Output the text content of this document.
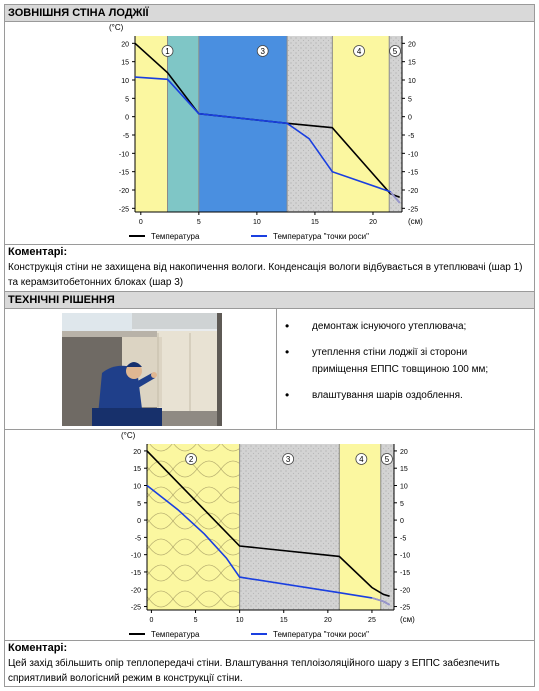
ЗОВНІШНЯ СТІНА ЛОДЖІЇ
1	3	4	5
(°C)
(см)
20	20
15	15
10	10
5	5
0	0
-5	-5
-10	-10
-15	-15
-20	-20
-25	-25
0	5	10	15	20
Температура	Температура "точки роси"
Коментарі:
Конструкція стіни не захищена від накопичення вологи. Конденсація вологи відбувається в утеплювачі (шар 1) та керамзитобетонних блоках (шар 3)
ТЕХНІЧНІ РІШЕННЯ
• демонтаж існуючого утеплювача;
• утеплення стіни лоджії зі сторони
приміщення ЕППС товщиною 100 мм;
• влаштування шарів оздоблення.
2	3	4	5
(°C)
(см)
20	20
15	15
10	10
5	5
0	0
-5	-5
-10	-10
-15	-15
-20	-20
-25	-25
0	5	10	15	20	25
Температура	Температура "точки роси"
Коментарі:
Цей захід збільшить опір теплопередачі стіни. Влаштування теплоізоляційного шару з ЕППС забезпечить сприятливий вологісний режим в конструкції стіни.
